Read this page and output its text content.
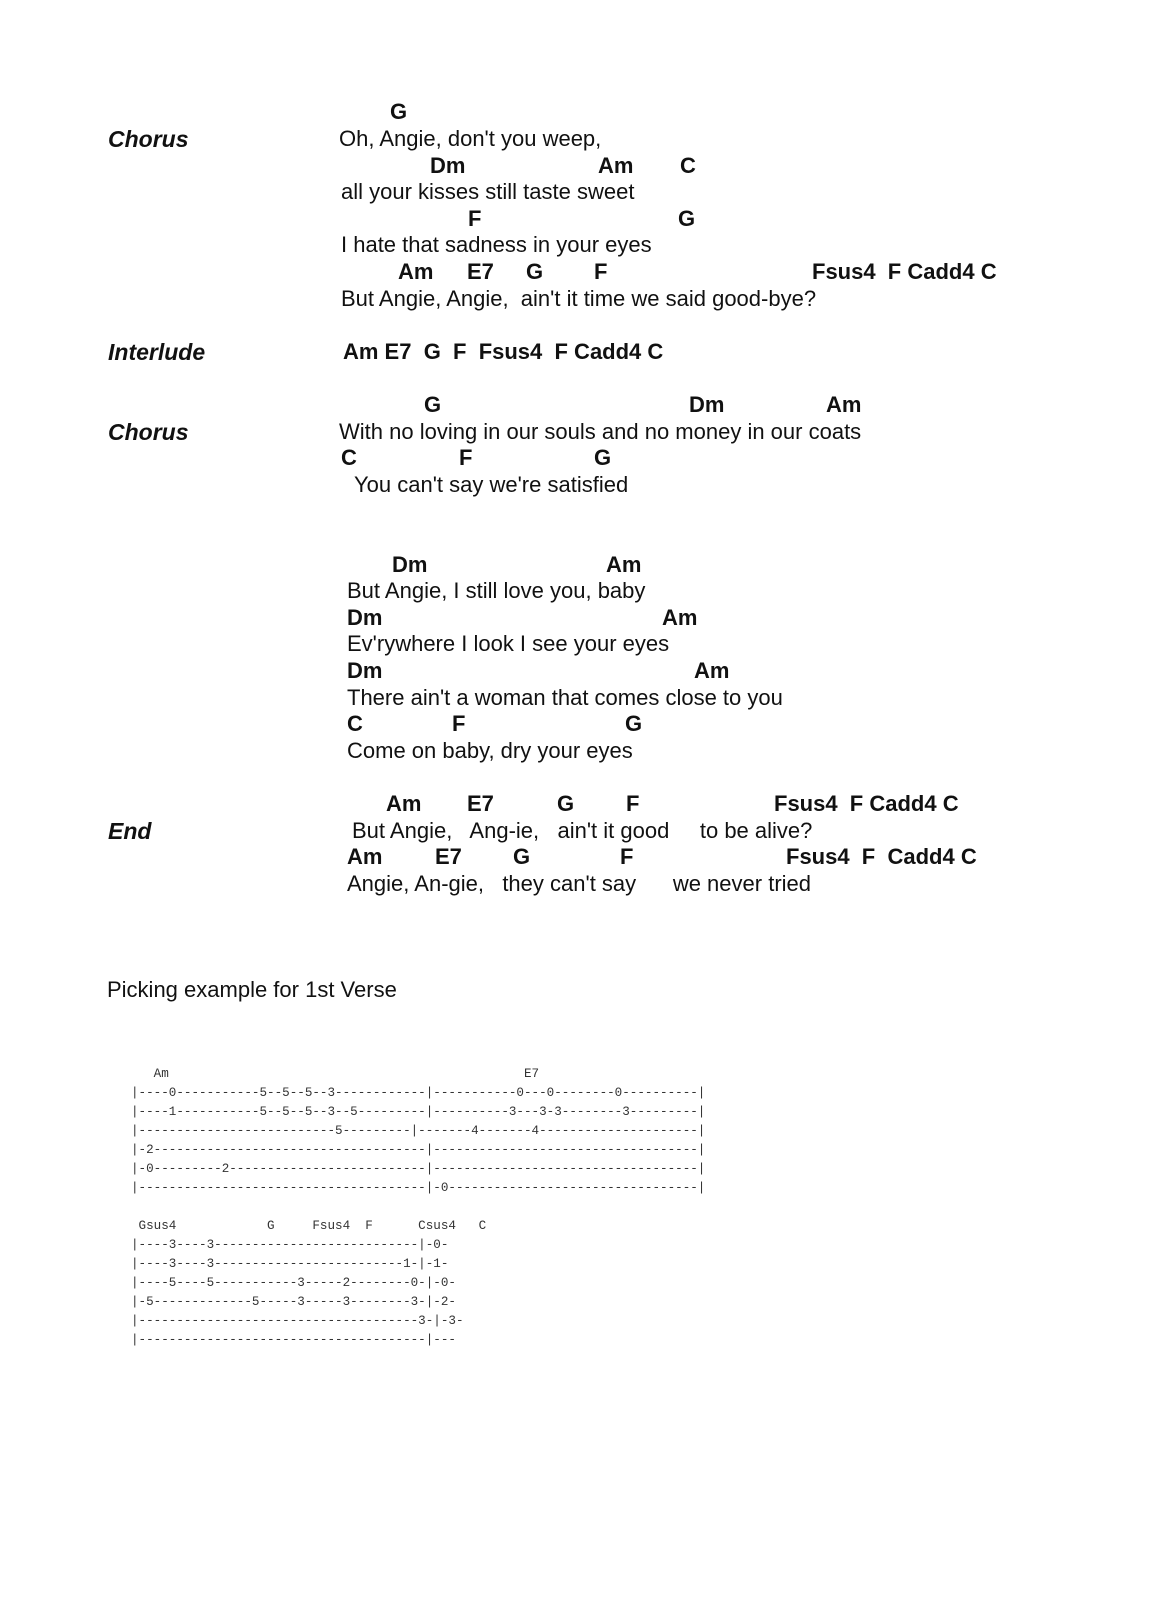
Chorus
G
Oh, Angie, don't you weep,
Dm	Am C
all your kisses still taste sweet
F	G
I hate that sadness in your eyes
Am E7 G F	Fsus4  F Cadd4 C
But Angie, Angie,  ain't it time we said good-bye?
Interlude	Am E7  G  F  Fsus4  F Cadd4 C
G	Dm	Am
Chorus	With no loving in our souls and no money in our coats
C	F	G
You can't say we're satisfied
Dm	Am
But Angie, I still love you, baby
Dm	Am
Ev'rywhere I look I see your eyes
Dm	Am
There ain't a woman that comes close to you
C	F	G
Come on baby, dry your eyes
Am E7	G F	Fsus4  F Cadd4 C
End	But Angie,   Ang-ie,   ain't it good     to be alive?
Am E7 G	F	Fsus4  F  Cadd4 C
Angie, An-gie,   they can't say      we never tried
Picking example for 1st Verse
Am                                               E7
|----0-----------5--5--5--3------------|-----------0---0--------0----------|
|----1-----------5--5--5--3--5---------|----------3---3-3--------3---------|
|--------------------------5---------|-------4-------4---------------------|
|-2------------------------------------|-----------------------------------|
|-0---------2--------------------------|-----------------------------------|
|--------------------------------------|-0---------------------------------|
Gsus4            G     Fsus4  F      Csus4   C
|----3----3---------------------------|-0-
|----3----3-------------------------1-|-1-
|----5----5-----------3-----2--------0-|-0-
|-5-------------5-----3-----3--------3-|-2-
|-------------------------------------3-|-3-
|--------------------------------------|---
